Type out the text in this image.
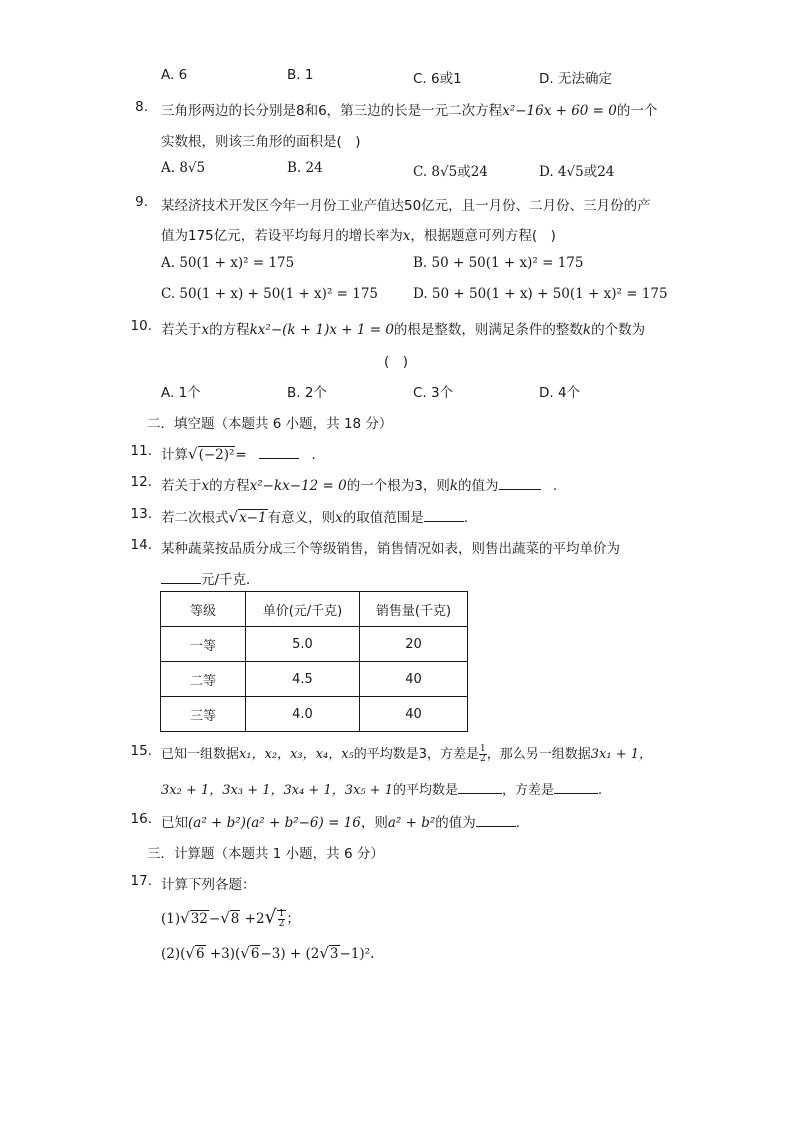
A. 6	B. 1	C. 6或1	D. 无法确定
8. 三角形两边的长分别是8和6，第三边的长是一元二次方程x²−16x + 60 = 0的一个
实数根，则该三角形的面积是(　)
A. 8√5	B. 24	C. 8√5或24	D. 4√5或24
9. 某经济技术开发区今年一月份工业产值达50亿元，且一月份、二月份、三月份的产
值为175亿元，若设平均每月的增长率为x，根据题意可列方程(　)
A. 50(1 + x)² = 175	B. 50 + 50(1 + x)² = 175
C. 50(1 + x) + 50(1 + x)² = 175	D. 50 + 50(1 + x) + 50(1 + x)² = 175
10. 若关于x的方程kx²−(k + 1)x + 1 = 0的根是整数，则满足条件的整数k的个数为
(　)
A. 1个	B. 2个	C. 3个	D. 4个
二．填空题（本题共 6 小题，共 18 分）
11. 计算√(−2)²=	.
12. 若关于x的方程x²−kx−12 = 0的一个根为3，则k的值为	.
13. 若二次根式√x−1有意义，则x的取值范围是	.
14. 某种蔬菜按品质分成三个等级销售，销售情况如表，则售出蔬菜的平均单价为
元/千克．
等级	单价(元/千克)	销售量(千克)
一等	5.0	20
二等	4.5	40
三等	4.0	40
15. 已知一组数据x₁，x₂，x₃，x₄，x₅的平均数是3，方差是 $\frac{1}{2}$ ，那么另一组数据3x₁ + 1，
3x₂ + 1，3x₃ + 1，3x₄ + 1，3x₅ + 1的平均数是	，方差是	.
16. 已知(a² + b²)(a² + b²−6) = 16，则a² + b²的值为	.
三．计算题（本题共 1 小题，共 6 分）
17. 计算下列各题：
$(1)√32-√8 +2√ \frac{1}{2}$ ；
(2)(√6 +3)(√6−3) + (2√3−1)².
